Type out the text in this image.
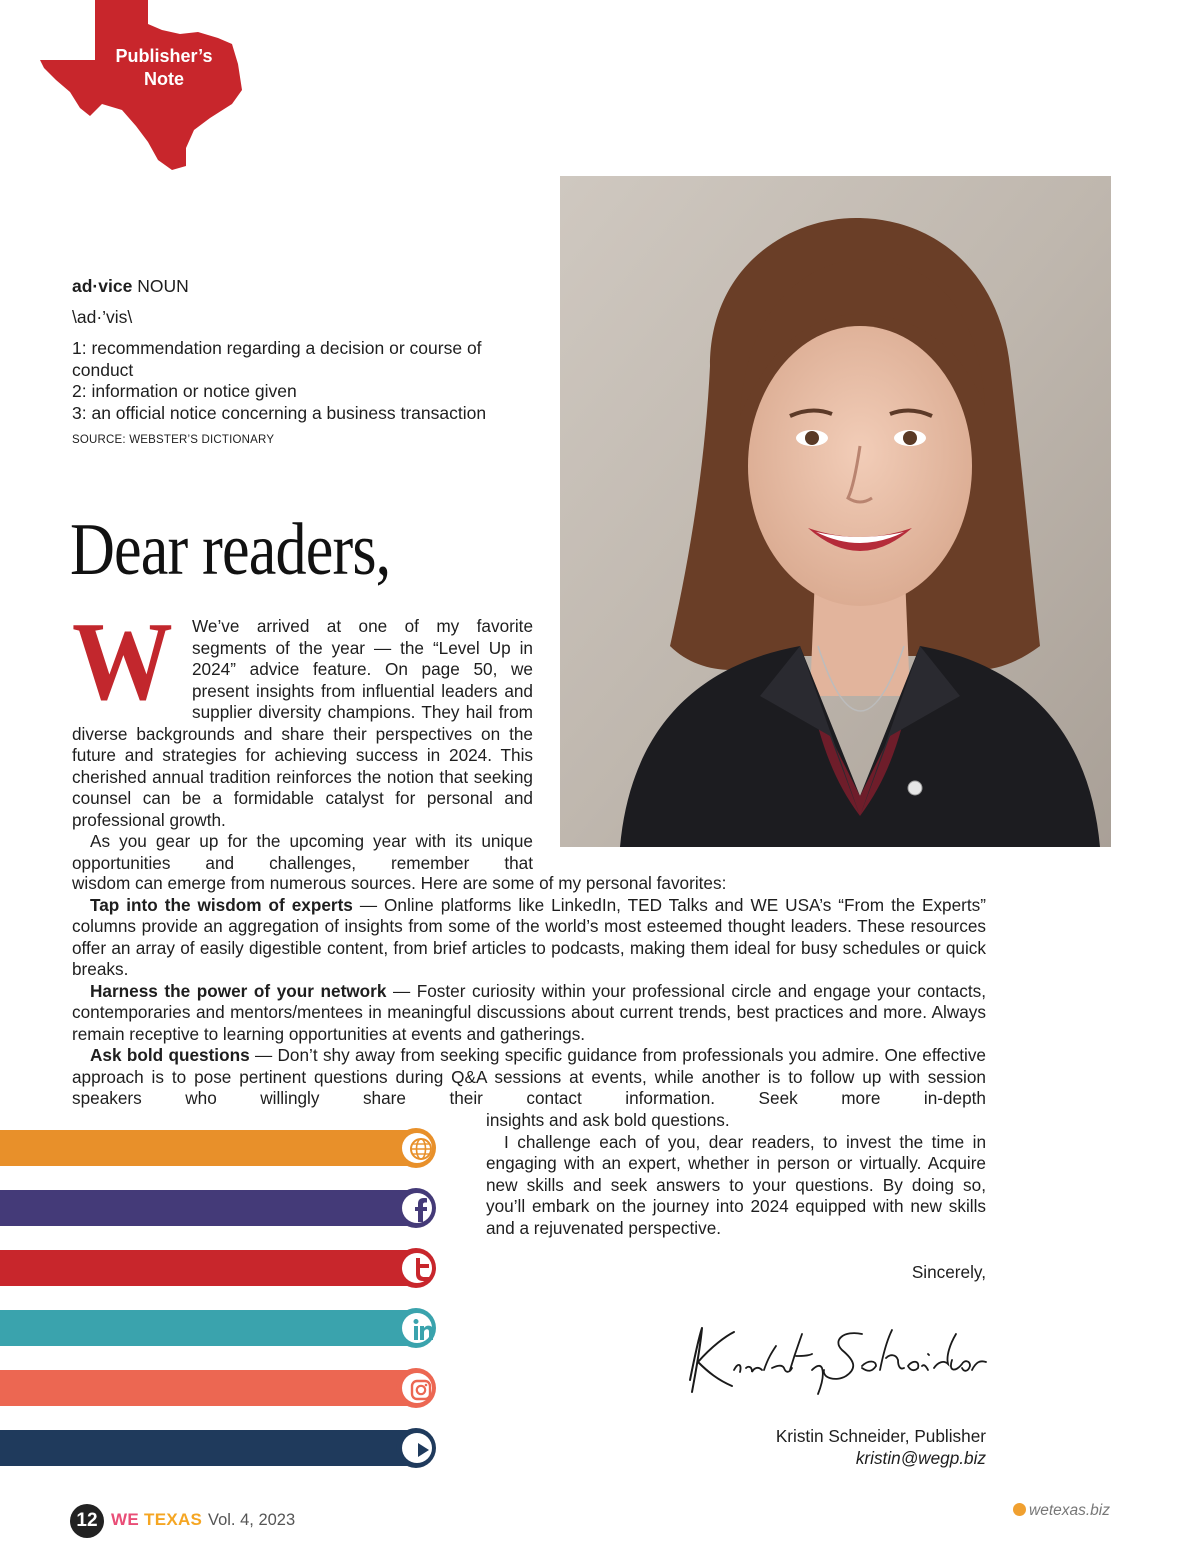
Publisher’s
Note
ad·vice NOUN
\ad·’vis\
1: recommendation regarding a decision or course of conduct
2: information or notice given
3: an official notice concerning a business transaction
SOURCE: WEBSTER’S DICTIONARY
Dear readers,
W	We’ve arrived at one of my favorite segments of the year — the “Level Up in 2024” advice feature. On page 50, we present insights from influential leaders and supplier diversity champions. They hail from diverse backgrounds and share their perspectives on the future and strategies for achieving success in 2024. This cherished annual tradition reinforces the notion that seeking counsel can be a formidable catalyst for personal and professional growth.

As you gear up for the upcoming year with its unique opportunities and challenges, remember that

wisdom can emerge from numerous sources. Here are some of my personal favorites:

Tap into the wisdom of experts — Online platforms like LinkedIn, TED Talks and WE USA’s “From the Experts” columns provide an aggregation of insights from some of the world’s most esteemed thought leaders. These resources offer an array of easily digestible content, from brief articles to podcasts, making them ideal for busy schedules or quick breaks.

Harness the power of your network — Foster curiosity within your professional circle and engage your contacts, contemporaries and mentors/mentees in meaningful discussions about current trends, best practices and more. Always remain receptive to learning opportunities at events and gatherings.

Ask bold questions — Don’t shy away from seeking specific guidance from professionals you admire. One effective approach is to pose pertinent questions during Q&A sessions at events, while another is to follow up with session speakers who willingly share their contact information. Seek more in-depth

insights and ask bold questions.

I challenge each of you, dear readers, to invest the time in engaging with an expert, whether in person or virtually. Acquire new skills and seek answers to your questions. By doing so, you’ll embark on the journey into 2024 equipped with new skills and a rejuvenated perspective.

Sincerely,
Kristin Schneider, Publisher
kristin@wegp.biz
12 WE TEXAS Vol. 4, 2023
wetexas.biz
